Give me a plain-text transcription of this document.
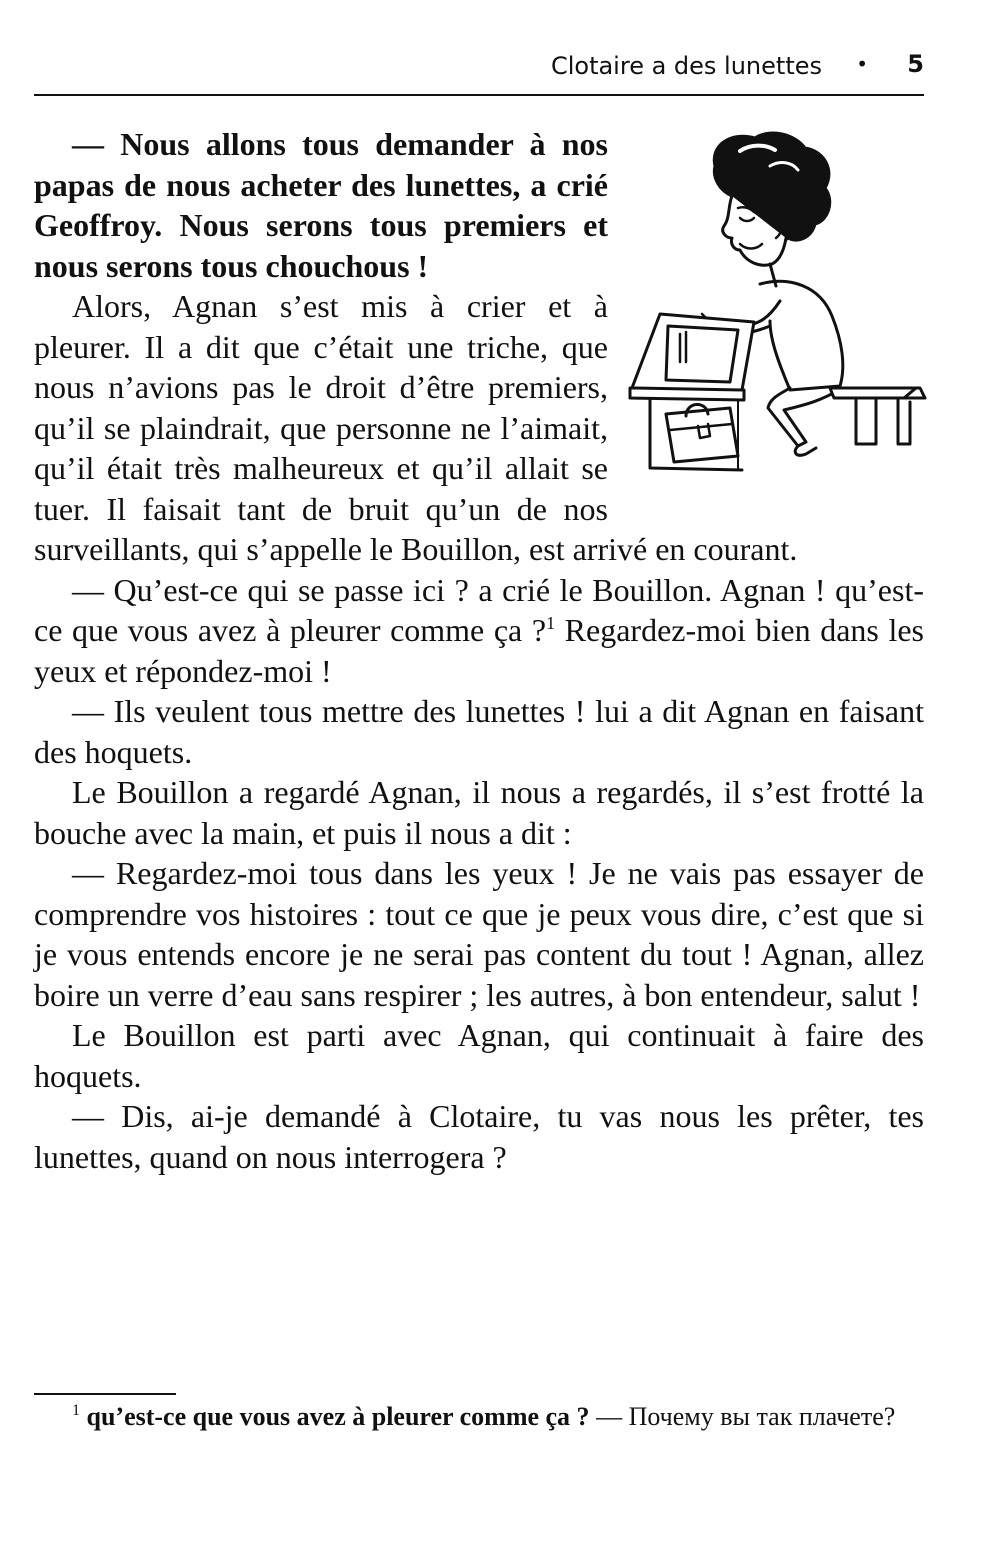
Clotaire a des lunettes • 5

— Nous allons tous demander à nos papas de nous acheter des lunettes, a crié Geoffroy. Nous serons tous premiers et nous serons tous chouchous !

Alors, Agnan s’est mis à crier et à pleurer. Il a dit que c’était une triche, que nous n’avions pas le droit d’être premiers, qu’il se plaindrait, que personne ne l’aimait, qu’il était très malheureux et qu’il allait se tuer. Il faisait tant de bruit qu’un de nos surveillants, qui s’appelle le Bouillon, est arrivé en courant.

— Qu’est-ce qui se passe ici ? a crié le Bouillon. Agnan ! qu’est-ce que vous avez à pleurer comme ça ?$^1$ Regardez-moi bien dans les yeux et répondez-moi !

— Ils veulent tous mettre des lunettes ! lui a dit Agnan en faisant des hoquets.

Le Bouillon a regardé Agnan, il nous a regardés, il s’est frotté la bouche avec la main, et puis il nous a dit :

— Regardez-moi tous dans les yeux ! Je ne vais pas essayer de comprendre vos histoires : tout ce que je peux vous dire, c’est que si je vous entends encore je ne serai pas content du tout ! Agnan, allez boire un verre d’eau sans respirer ; les autres, à bon entendeur, salut !

Le Bouillon est parti avec Agnan, qui continuait à faire des hoquets.

— Dis, ai-je demandé à Clotaire, tu vas nous les prêter, tes lunettes, quand on nous interrogera ?

$^1$ qu’est-ce que vous avez à pleurer comme ça ? — Почему вы так плачете?
